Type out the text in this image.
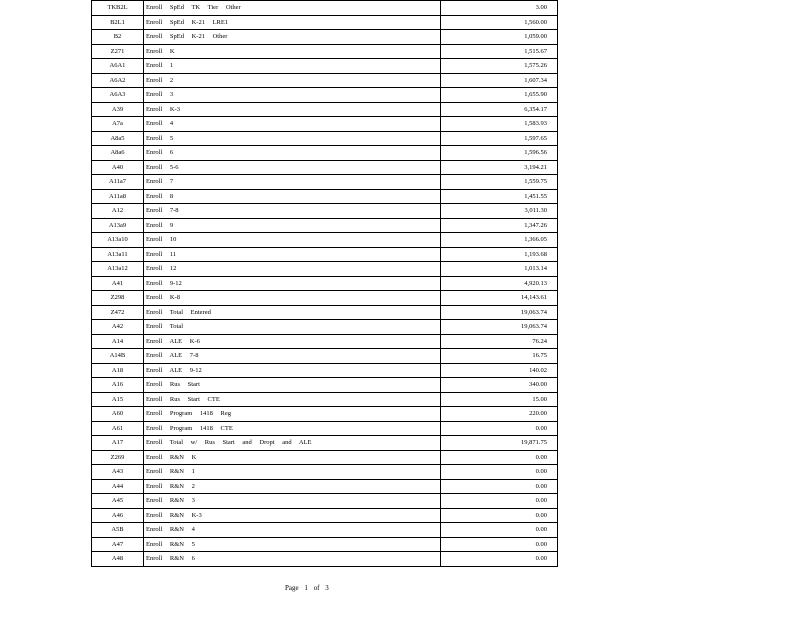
TKB2L	Enroll SpEd TK Tier Other	3.00
B2L1	Enroll SpEd K-21 LRE1	1,560.00
B2	Enroll SpEd K-21 Other	1,059.00
Z271	Enroll K	1,515.67
A6A1	Enroll 1	1,575.26
A6A2	Enroll 2	1,607.34
A6A3	Enroll 3	1,655.90
A39	Enroll K-3	6,354.17
A7a	Enroll 4	1,583.93
A8a5	Enroll 5	1,597.65
A8a6	Enroll 6	1,596.56
A40	Enroll 5-6	3,194.21
A11a7	Enroll 7	1,559.75
A11a8	Enroll 8	1,451.55
A12	Enroll 7-8	3,011.30
A13a9	Enroll 9	1,347.26
A13a10	Enroll 10	1,366.05
A13a11	Enroll 11	1,193.68
A13a12	Enroll 12	1,013.14
A41	Enroll 9-12	4,920.13
Z298	Enroll K-8	14,143.61
Z472	Enroll Total Entered	19,063.74
A42	Enroll Total	19,063.74
A14	Enroll ALE K-6	76.24
A14B	Enroll ALE 7-8	16.75
A18	Enroll ALE 9-12	140.02
A16	Enroll Rus Start	340.00
A15	Enroll Rus Start CTE	15.00
A60	Enroll Program 1418 Reg	220.00
A61	Enroll Program 1418 CTE	0.00
A17	Enroll Total w/ Rus Start and Dropt and ALE	19,871.75
Z269	Enroll R&N K	0.00
A43	Enroll R&N 1	0.00
A44	Enroll R&N 2	0.00
A45	Enroll R&N 3	0.00
A46	Enroll R&N K-3	0.00
A5B	Enroll R&N 4	0.00
A47	Enroll R&N 5	0.00
A48	Enroll R&N 6	0.00
Page 1 of 3
